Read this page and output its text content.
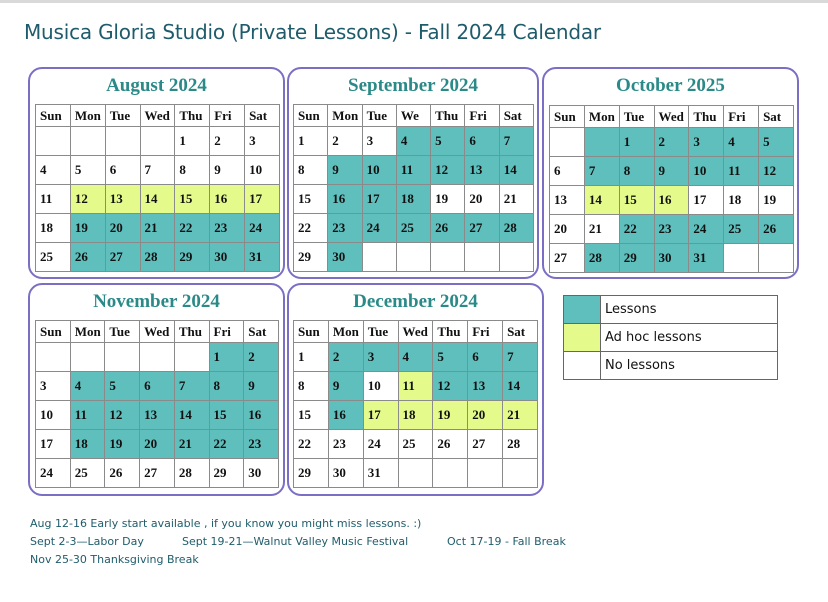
Musica Gloria Studio (Private Lessons) - Fall 2024 Calendar
August 2024
Sun	Mon	Tue	Wed	Thu	Fri	Sat
				1	2	3
4	5	6	7	8	9	10
11	12	13	14	15	16	17
18	19	20	21	22	23	24
25	26	27	28	29	30	31
September 2024
Sun	Mon	Tue	We	Thu	Fri	Sat
1	2	3	4	5	6	7
8	9	10	11	12	13	14
15	16	17	18	19	20	21
22	23	24	25	26	27	28
29	30					
October 2025
Sun	Mon	Tue	Wed	Thu	Fri	Sat
		1	2	3	4	5
6	7	8	9	10	11	12
13	14	15	16	17	18	19
20	21	22	23	24	25	26
27	28	29	30	31		
November 2024
Sun	Mon	Tue	Wed	Thu	Fri	Sat
					1	2
3	4	5	6	7	8	9
10	11	12	13	14	15	16
17	18	19	20	21	22	23
24	25	26	27	28	29	30
December 2024
Sun	Mon	Tue	Wed	Thu	Fri	Sat
1	2	3	4	5	6	7
8	9	10	11	12	13	14
15	16	17	18	19	20	21
22	23	24	25	26	27	28
29	30	31				
	Lessons
	Ad hoc lessons
	No lessons
Aug 12-16 Early start available , if you know you might miss lessons. :)
Sept 2-3—Labor Day	Sept 19-21—Walnut Valley Music Festival	Oct 17-19 - Fall Break
Nov 25-30 Thanksgiving Break
